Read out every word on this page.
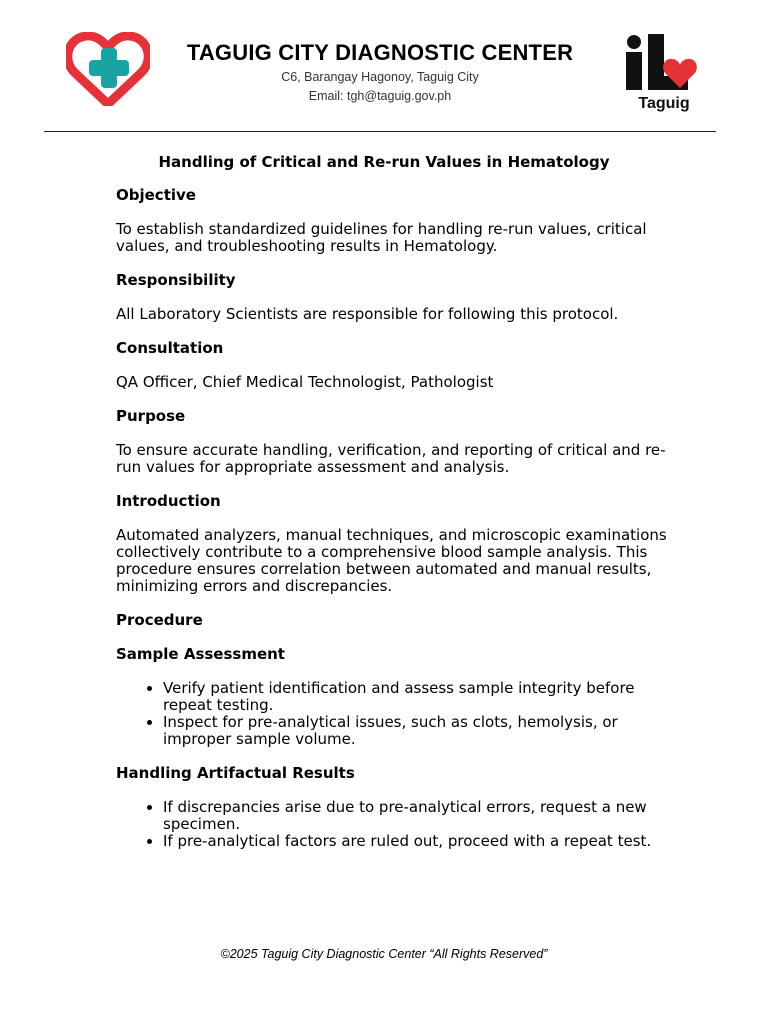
TAGUIG CITY DIAGNOSTIC CENTER
C6, Barangay Hagonoy, Taguig City
Email: tgh@taguig.gov.ph	Taguig
Handling of Critical and Re-run Values in Hematology
Objective

To establish standardized guidelines for handling re-run values, critical values, and troubleshooting results in Hematology.

Responsibility

All Laboratory Scientists are responsible for following this protocol.

Consultation

QA Officer, Chief Medical Technologist, Pathologist

Purpose

To ensure accurate handling, verification, and reporting of critical and re-run values for appropriate assessment and analysis.

Introduction

Automated analyzers, manual techniques, and microscopic examinations collectively contribute to a comprehensive blood sample analysis. This procedure ensures correlation between automated and manual results, minimizing errors and discrepancies.

Procedure
Sample Assessment
• Verify patient identification and assess sample integrity before repeat testing.
• Inspect for pre-analytical issues, such as clots, hemolysis, or improper sample volume.
Handling Artifactual Results
• If discrepancies arise due to pre-analytical errors, request a new specimen.
• If pre-analytical factors are ruled out, proceed with a repeat test.
©2025 Taguig City Diagnostic Center “All Rights Reserved”
